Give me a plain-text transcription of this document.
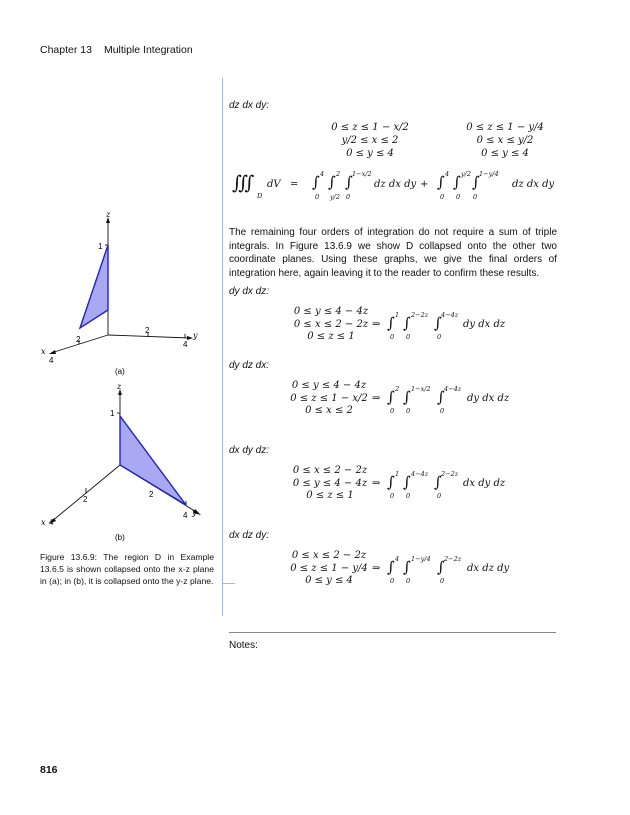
Chapter 13 Multiple Integration
z
1
2
4
x
2
4
y
(a)
z
1
2
4
x
2
4 y
(b)
Figure 13.6.9: The region D in Example 13.6.5 is shown collapsed onto the x-z plane in (a); in (b), it is collapsed onto the y-z plane.
dz dx dy:
0 ≤ z ≤ 1 − x/2
y/2 ≤ x ≤ 2
0 ≤ y ≤ 4
0 ≤ z ≤ 1 − y/4
0 ≤ x ≤ y/2
0 ≤ y ≤ 4
∭
D
dV = ∫ 4
0
∫ 2
y/2
∫ 1−x/2
0
dz dx dy + ∫ 4
0
∫ y/2
0
∫ 1−y/4
0
dz dx dy
The remaining four orders of integration do not require a sum of triple integrals. In Figure 13.6.9 we show D collapsed onto the other two coordinate planes. Using these graphs, we give the final orders of integration here, again leaving it to the reader to confirm these results.
dy dx dz:
0 ≤ y ≤ 4 − 4z
0 ≤ x ≤ 2 − 2z
0 ≤ z ≤ 1
⇒ ∫ 1
0
∫ 2−2z
0
∫ 4−4z
0
dy dx dz
dy dz dx:
0 ≤ y ≤ 4 − 4z
0 ≤ z ≤ 1 − x/2
0 ≤ x ≤ 2
⇒ ∫ 2
0
∫ 1−x/2
0
∫ 4−4z
0
dy dx dz
dx dy dz:
0 ≤ x ≤ 2 − 2z
0 ≤ y ≤ 4 − 4z
0 ≤ z ≤ 1
⇒ ∫ 1
0
∫ 4−4z
0
∫ 2−2z
0
dx dy dz
dx dz dy:
0 ≤ x ≤ 2 − 2z
0 ≤ z ≤ 1 − y/4
0 ≤ y ≤ 4
⇒ ∫ 4
0
∫ 1−y/4
0
∫ 2−2z
0
dx dz dy
Notes:
816
